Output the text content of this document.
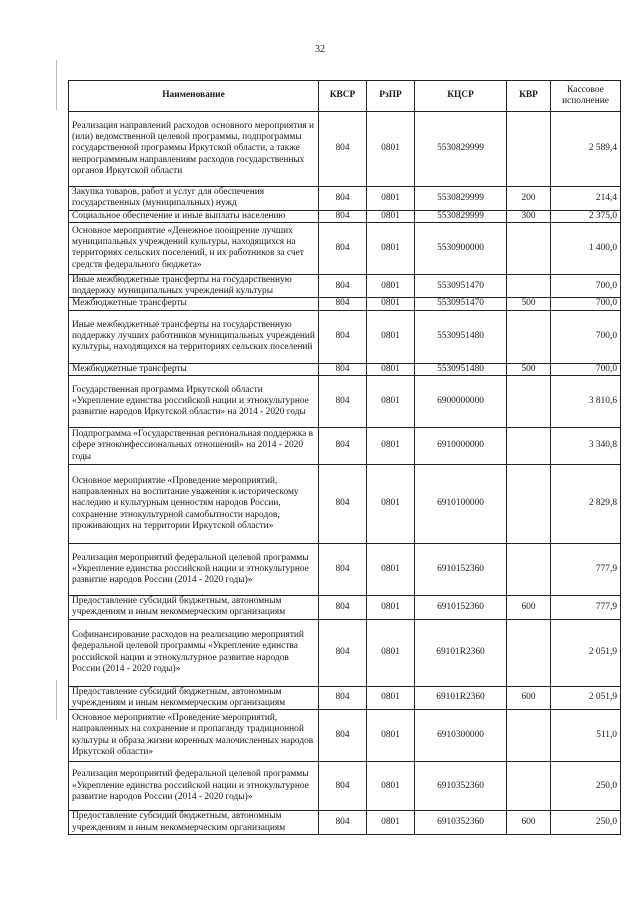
32
Наименование	КВСР	РзПР	КЦСР	КВР	Кассовое исполнение
Реализация направлений расходов основного мероприятия и (или) ведомственной целевой программы, подпрограммы государственной программы Иркутской области, а также непрограммным направлениям расходов государственных органов Иркутской области	804	0801	5530829999		2 589,4
Закупка товаров, работ и услуг для обеспечения государственных (муниципальных) нужд	804	0801	5530829999	200	214,4
Социальное обеспечение и иные выплаты населению	804	0801	5530829999	300	2 375,0
Основное мероприятие «Денежное поощрение лучших муниципальных учреждений культуры, находящихся на территориях сельских поселений, и их работников за счет средств федерального бюджета»	804	0801	5530900000		1 400,0
Иные межбюджетные трансферты на государственную поддержку муниципальных учреждений культуры	804	0801	5530951470		700,0
Межбюджетные трансферты	804	0801	5530951470	500	700,0
Иные межбюджетные трансферты на государственную поддержку лучших работников муниципальных учреждений культуры, находящихся на территориях сельских поселений	804	0801	5530951480		700,0
Межбюджетные трансферты	804	0801	5530951480	500	700,0
Государственная программа Иркутской области «Укрепление единства российской нации и этнокультурное развитие народов Иркутской области» на 2014 - 2020 годы	804	0801	6900000000		3 810,6
Подпрограмма «Государственная региональная поддержка в сфере этноконфессиональных отношений» на 2014 - 2020 годы	804	0801	6910000000		3 340,8
Основное мероприятие «Проведение мероприятий, направленных на воспитание уважения к историческому наследию и культурным ценностям народов России, сохранение этнокультурной самобытности народов, проживающих на территории Иркутской области»	804	0801	6910100000		2 829,8
Реализация мероприятий федеральной целевой программы «Укрепление единства российской нации и этнокультурное развитие народов России (2014 - 2020 годы)»	804	0801	6910152360		777,9
Предоставление субсидий бюджетным, автономным учреждениям и иным некоммерческим организациям	804	0801	6910152360	600	777,9
Софинансирование расходов на реализацию мероприятий федеральной целевой программы «Укрепление единства российской нации и этнокультурное развитие народов России (2014 - 2020 годы)»	804	0801	69101R2360		2 051,9
Предоставление субсидий бюджетным, автономным учреждениям и иным некоммерческим организациям	804	0801	69101R2360	600	2 051,9
Основное мероприятие «Проведение мероприятий, направленных на сохранение и пропаганду традиционной культуры и образа жизни коренных малочисленных народов Иркутской области»	804	0801	6910300000		511,0
Реализация мероприятий федеральной целевой программы «Укрепление единства российской нации и этнокультурное развитие народов России (2014 - 2020 годы)»	804	0801	6910352360		250,0
Предоставление субсидий бюджетным, автономным учреждениям и иным некоммерческим организациям	804	0801	6910352360	600	250,0
